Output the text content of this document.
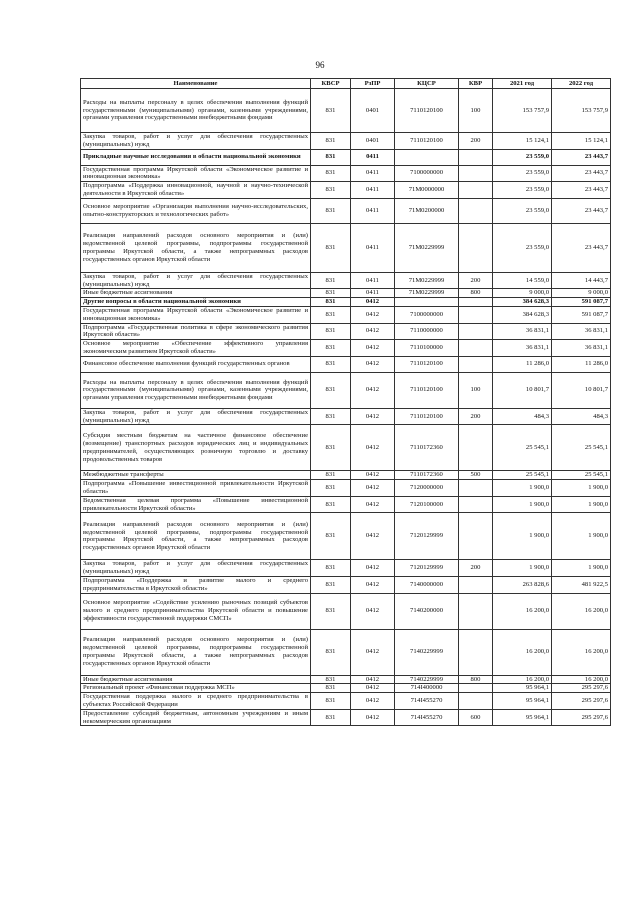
96
Наименование	КВСР	РзПР	КЦСР	КВР	2021 год	2022 год
Расходы на выплаты персоналу в целях обеспечения выполнения функций государственными (муниципальными) органами, казенными учреждениями, органами управления государственными внебюджетными фондами	831	0401	7110120100	100	153 757,9	153 757,9
Закупка товаров, работ и услуг для обеспечения государственных (муниципальных) нужд	831	0401	7110120100	200	15 124,1	15 124,1
Прикладные научные исследования в области национальной экономики	831	0411			23 559,0	23 443,7
Государственная программа Иркутской области «Экономическое развитие и инновационная экономика»	831	0411	7100000000		23 559,0	23 443,7
Подпрограмма «Поддержка инновационной, научной и научно-технической деятельности в Иркутской области»	831	0411	71M0000000		23 559,0	23 443,7
Основное мероприятие «Организация выполнения научно-исследовательских, опытно-конструкторских и технологических работ»	831	0411	71M0200000		23 559,0	23 443,7
Реализация направлений расходов основного мероприятия и (или) ведомственной целевой программы, подпрограммы государственной программы Иркутской области, а также непрограммных расходов государственных органов Иркутской области	831	0411	71M0229999		23 559,0	23 443,7
Закупка товаров, работ и услуг для обеспечения государственных (муниципальных) нужд	831	0411	71M0229999	200	14 559,0	14 443,7
Иные бюджетные ассигнования	831	0411	71M0229999	800	9 000,0	9 000,0
Другие вопросы в области национальной экономики	831	0412			384 628,3	591 087,7
Государственная программа Иркутской области «Экономическое развитие и инновационная экономика»	831	0412	7100000000		384 628,3	591 087,7
Подпрограмма «Государственная политика в сфере экономического развития Иркутской области»	831	0412	7110000000		36 831,1	36 831,1
Основное мероприятие «Обеспечение эффективного управления экономическим развитием Иркутской области»	831	0412	7110100000		36 831,1	36 831,1
Финансовое обеспечение выполнения функций государственных органов	831	0412	7110120100		11 286,0	11 286,0
Расходы на выплаты персоналу в целях обеспечения выполнения функций государственными (муниципальными) органами, казенными учреждениями, органами управления государственными внебюджетными фондами	831	0412	7110120100	100	10 801,7	10 801,7
Закупка товаров, работ и услуг для обеспечения государственных (муниципальных) нужд	831	0412	7110120100	200	484,3	484,3
Субсидия местным бюджетам на частичное финансовое обеспечение (возмещение) транспортных расходов юридических лиц и индивидуальных предпринимателей, осуществляющих розничную торговлю и доставку продовольственных товаров	831	0412	7110172360		25 545,1	25 545,1
Межбюджетные трансферты	831	0412	7110172360	500	25 545,1	25 545,1
Подпрограмма «Повышение инвестиционной привлекательности Иркутской области»	831	0412	7120000000		1 900,0	1 900,0
Ведомственная целевая программа «Повышение инвестиционной привлекательности Иркутской области»	831	0412	7120100000		1 900,0	1 900,0
Реализация направлений расходов основного мероприятия и (или) ведомственной целевой программы, подпрограммы государственной программы Иркутской области, а также непрограммных расходов государственных органов Иркутской области	831	0412	7120129999		1 900,0	1 900,0
Закупка товаров, работ и услуг для обеспечения государственных (муниципальных) нужд	831	0412	7120129999	200	1 900,0	1 900,0
Подпрограмма «Поддержка и развитие малого и среднего предпринимательства в Иркутской области»	831	0412	7140000000		263 828,6	481 922,5
Основное мероприятие «Содействие усилению рыночных позиций субъектов малого и среднего предпринимательства Иркутской области и повышение эффективности государственной поддержки СМСП»	831	0412	7140200000		16 200,0	16 200,0
Реализация направлений расходов основного мероприятия и (или) ведомственной целевой программы, подпрограммы государственной программы Иркутской области, а также непрограммных расходов государственных органов Иркутской области	831	0412	7140229999		16 200,0	16 200,0
Иные бюджетные ассигнования	831	0412	7140229999	800	16 200,0	16 200,0
Региональный проект «Финансовая поддержка МСП»	831	0412	714I400000		95 964,1	295 297,6
Государственная поддержка малого и среднего предпринимательства в субъектах Российской Федерации	831	0412	714I455270		95 964,1	295 297,6
Предоставление субсидий бюджетным, автономным учреждениям и иным некоммерческим организациям	831	0412	714I455270	600	95 964,1	295 297,6
